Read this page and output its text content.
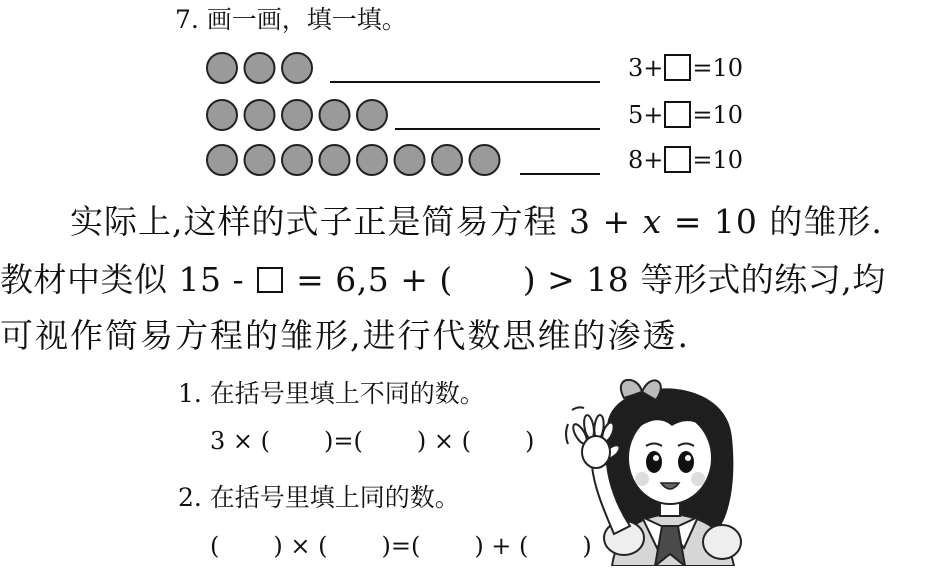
7. 画一画，填一填。
3+ =10
5+ =10
8+ =10
实际上,这样的式子正是简易方程 3 + x = 10 的雏形.
教材中类似 15 -  = 6,5 + ( ) > 18 等形式的练习,均
可视作简易方程的雏形,进行代数思维的渗透.
1. 在括号里填上不同的数。
3 × ( )=( ) × ( )
2. 在括号里填上同的数。
( ) × ( )=( ) + ( )
